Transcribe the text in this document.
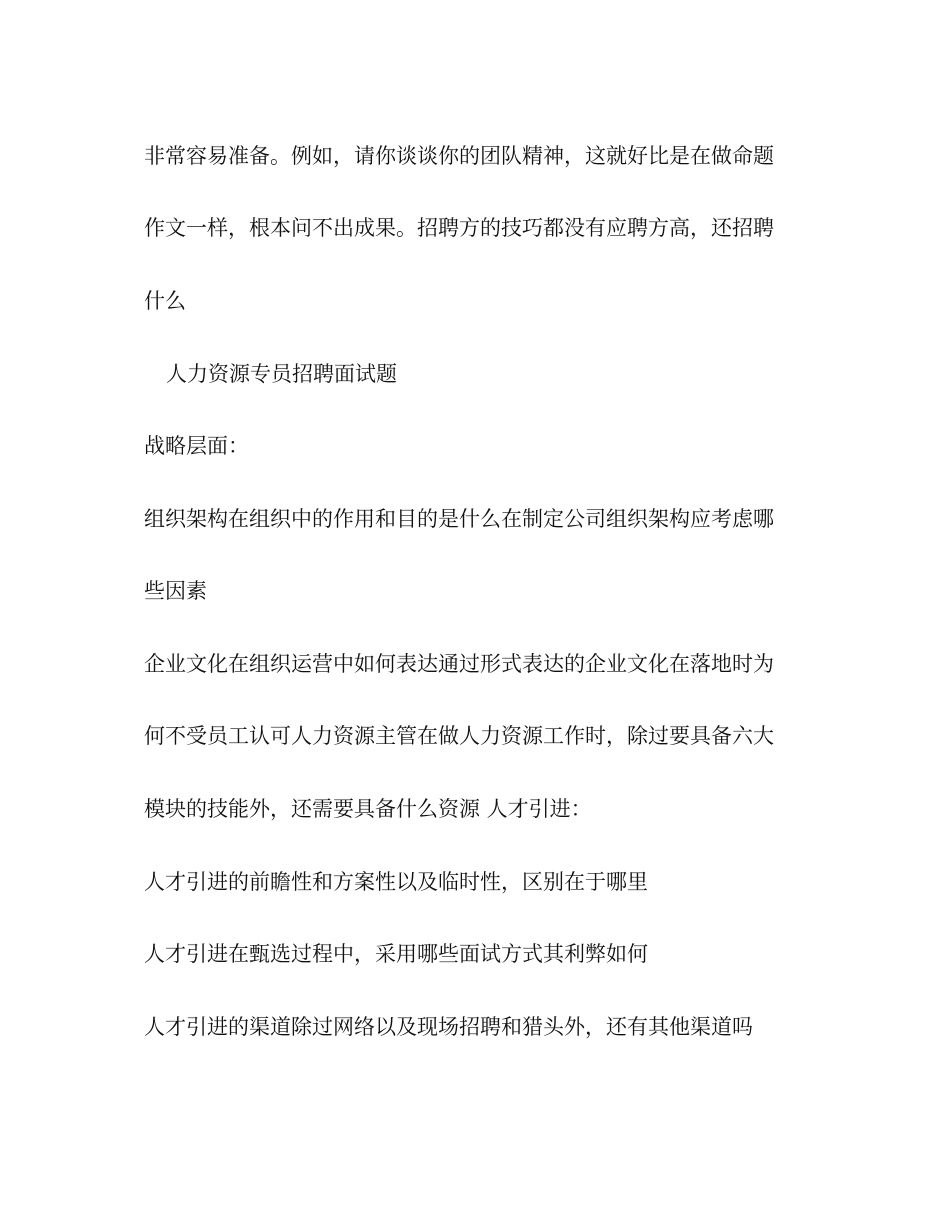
非常容易准备。例如，请你谈谈你的团队精神，这就好比是在做命题
作文一样，根本问不出成果。招聘方的技巧都没有应聘方高，还招聘
什么
人力资源专员招聘面试题
战略层面：
组织架构在组织中的作用和目的是什么在制定公司组织架构应考虑哪
些因素
企业文化在组织运营中如何表达通过形式表达的企业文化在落地时为
何不受员工认可人力资源主管在做人力资源工作时，除过要具备六大
模块的技能外，还需要具备什么资源 人才引进：
人才引进的前瞻性和方案性以及临时性，区别在于哪里
人才引进在甄选过程中，采用哪些面试方式其利弊如何
人才引进的渠道除过网络以及现场招聘和猎头外，还有其他渠道吗
